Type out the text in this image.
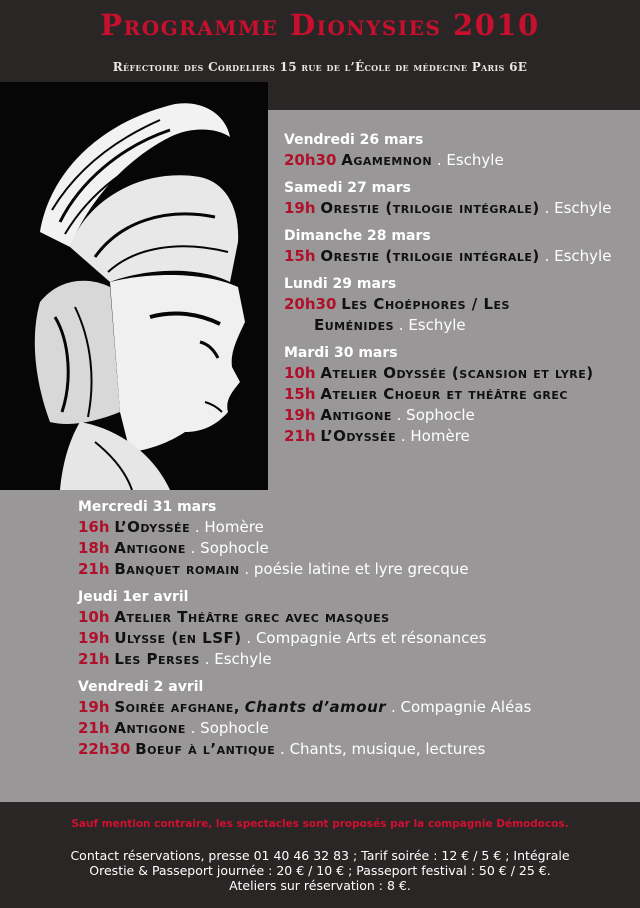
Programme Dionysies 2010
Réfectoire des Cordeliers 15 rue de l’École de médecine Paris 6E
Vendredi 26 mars
20h30 Agamemnon . Eschyle
Samedi 27 mars
19h Orestie (trilogie intégrale) . Eschyle
Dimanche 28 mars
15h Orestie (trilogie intégrale) . Eschyle
Lundi 29 mars
20h30 Les Choéphores / Les
Euménides . Eschyle
Mardi 30 mars
10h Atelier Odyssée (scansion et lyre)
15h Atelier Choeur et théâtre grec
19h Antigone . Sophocle
21h L’Odyssée . Homère
Mercredi 31 mars
16h L’Odyssée . Homère
18h Antigone . Sophocle
21h Banquet romain . poésie latine et lyre grecque
Jeudi 1er avril
10h Atelier Théâtre grec avec masques
19h Ulysse (en LSF) . Compagnie Arts et résonances
21h Les Perses . Eschyle
Vendredi 2 avril
19h Soirée afghane, Chants d’amour . Compagnie Aléas
21h Antigone . Sophocle
22h30 Boeuf à l’antique . Chants, musique, lectures
Sauf mention contraire, les spectacles sont proposés par la compagnie Démodocos.
Contact réservations, presse 01 40 46 32 83 ; Tarif soirée : 12 € / 5 € ; Intégrale
Orestie & Passeport journée : 20 € / 10 € ; Passeport festival : 50 € / 25 €.
Ateliers sur réservation : 8 €.
